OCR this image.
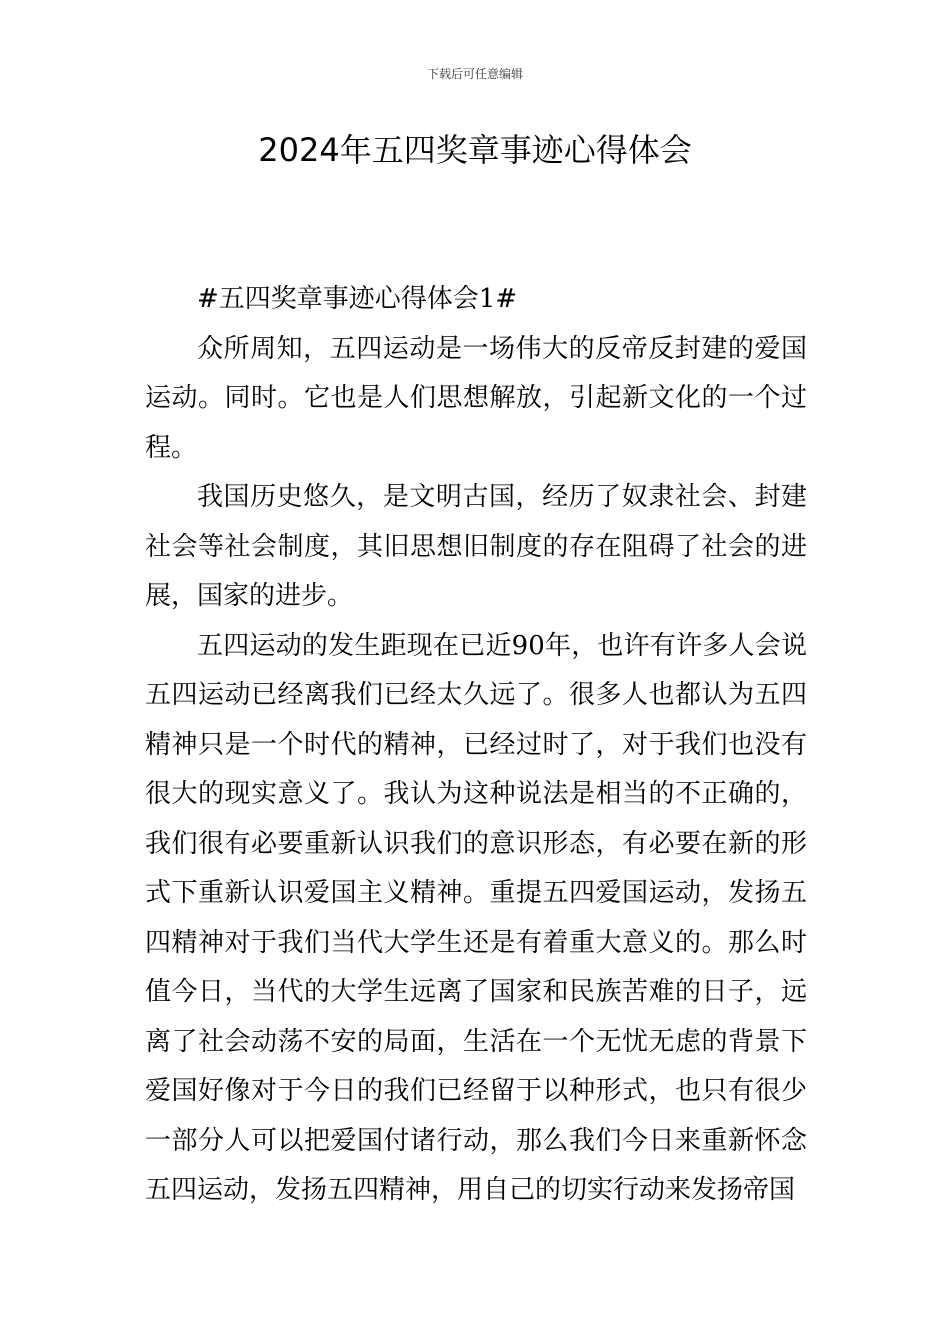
下载后可任意编辑
2024年五四奖章事迹心得体会

#五四奖章事迹心得体会1#

众所周知，五四运动是一场伟大的反帝反封建的爱国运动。同时。它也是人们思想解放，引起新文化的一个过程。

我国历史悠久，是文明古国，经历了奴隶社会、封建社会等社会制度，其旧思想旧制度的存在阻碍了社会的进展，国家的进步。

五四运动的发生距现在已近90年，也许有许多人会说五四运动已经离我们已经太久远了。很多人也都认为五四精神只是一个时代的精神，已经过时了，对于我们也没有很大的现实意义了。我认为这种说法是相当的不正确的，我们很有必要重新认识我们的意识形态，有必要在新的形式下重新认识爱国主义精神。重提五四爱国运动，发扬五四精神对于我们当代大学生还是有着重大意义的。那么时值今日，当代的大学生远离了国家和民族苦难的日子，远离了社会动荡不安的局面，生活在一个无忧无虑的背景下爱国好像对于今日的我们已经留于以种形式，也只有很少一部分人可以把爱国付诸行动，那么我们今日来重新怀念五四运动，发扬五四精神，用自己的切实行动来发扬帝国
